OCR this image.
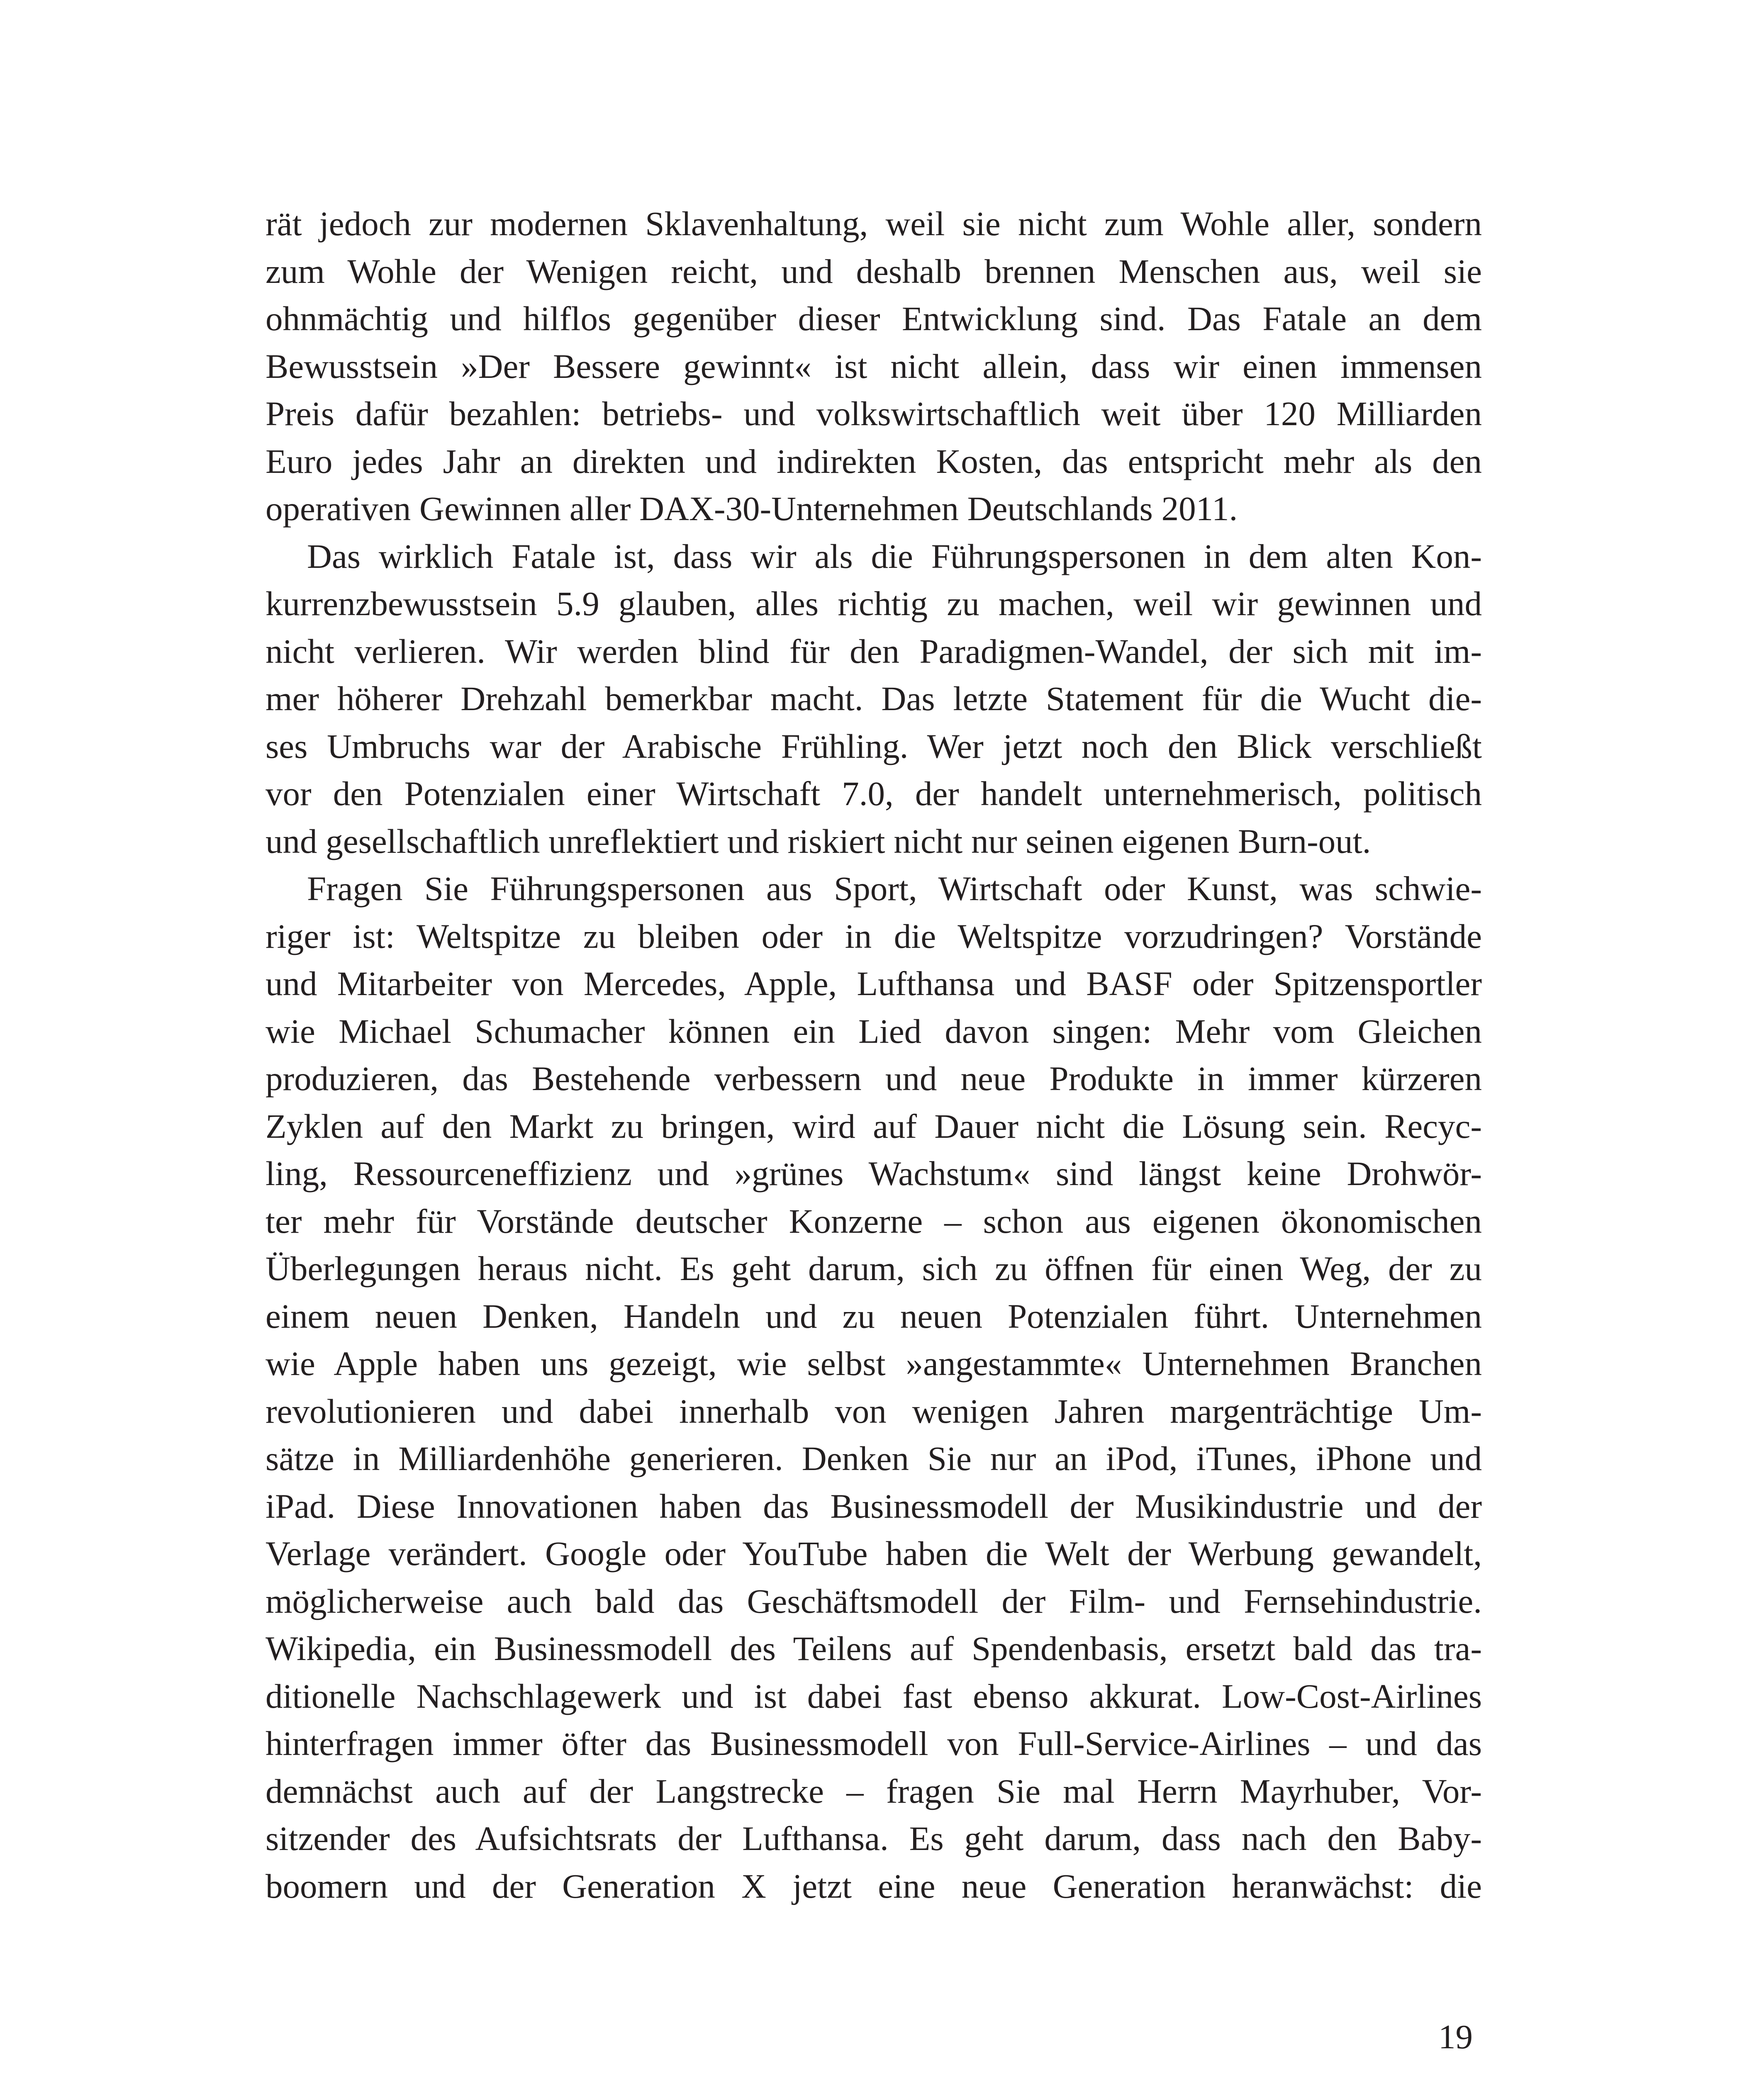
rät jedoch zur modernen Sklavenhaltung, weil sie nicht zum Wohle aller, sondern
zum Wohle der Wenigen reicht, und deshalb brennen Menschen aus, weil sie
ohnmächtig und hilflos gegenüber dieser Entwicklung sind. Das Fatale an dem
Bewusstsein »Der Bessere gewinnt« ist nicht allein, dass wir einen immensen
Preis dafür bezahlen: betriebs- und volkswirtschaftlich weit über 120 Milliarden
Euro jedes Jahr an direkten und indirekten Kosten, das entspricht mehr als den
operativen Gewinnen aller DAX-30-Unternehmen Deutschlands 2011.
Das wirklich Fatale ist, dass wir als die Führungspersonen in dem alten Kon-
kurrenzbewusstsein 5.9 glauben, alles richtig zu machen, weil wir gewinnen und
nicht verlieren. Wir werden blind für den Paradigmen-Wandel, der sich mit im-
mer höherer Drehzahl bemerkbar macht. Das letzte Statement für die Wucht die-
ses Umbruchs war der Arabische Frühling. Wer jetzt noch den Blick verschließt
vor den Potenzialen einer Wirtschaft 7.0, der handelt unternehmerisch, politisch
und gesellschaftlich unreflektiert und riskiert nicht nur seinen eigenen Burn-out.
Fragen Sie Führungspersonen aus Sport, Wirtschaft oder Kunst, was schwie-
riger ist: Weltspitze zu bleiben oder in die Weltspitze vorzudringen? Vorstände
und Mitarbeiter von Mercedes, Apple, Lufthansa und BASF oder Spitzensportler
wie Michael Schumacher können ein Lied davon singen: Mehr vom Gleichen
produzieren, das Bestehende verbessern und neue Produkte in immer kürzeren
Zyklen auf den Markt zu bringen, wird auf Dauer nicht die Lösung sein. Recyc-
ling, Ressourceneffizienz und »grünes Wachstum« sind längst keine Drohwör-
ter mehr für Vorstände deutscher Konzerne – schon aus eigenen ökonomischen
Überlegungen heraus nicht. Es geht darum, sich zu öffnen für einen Weg, der zu
einem neuen Denken, Handeln und zu neuen Potenzialen führt. Unternehmen
wie Apple haben uns gezeigt, wie selbst »angestammte« Unternehmen Branchen
revolutionieren und dabei innerhalb von wenigen Jahren margenträchtige Um-
sätze in Milliardenhöhe generieren. Denken Sie nur an iPod, iTunes, iPhone und
iPad. Diese Innovationen haben das Businessmodell der Musikindustrie und der
Verlage verändert. Google oder YouTube haben die Welt der Werbung gewandelt,
möglicherweise auch bald das Geschäftsmodell der Film- und Fernsehindustrie.
Wikipedia, ein Businessmodell des Teilens auf Spendenbasis, ersetzt bald das tra-
ditionelle Nachschlagewerk und ist dabei fast ebenso akkurat. Low-Cost-Airlines
hinterfragen immer öfter das Businessmodell von Full-Service-Airlines – und das
demnächst auch auf der Langstrecke – fragen Sie mal Herrn Mayrhuber, Vor-
sitzender des Aufsichtsrats der Lufthansa. Es geht darum, dass nach den Baby-
boomern und der Generation X jetzt eine neue Generation heranwächst: die
19
